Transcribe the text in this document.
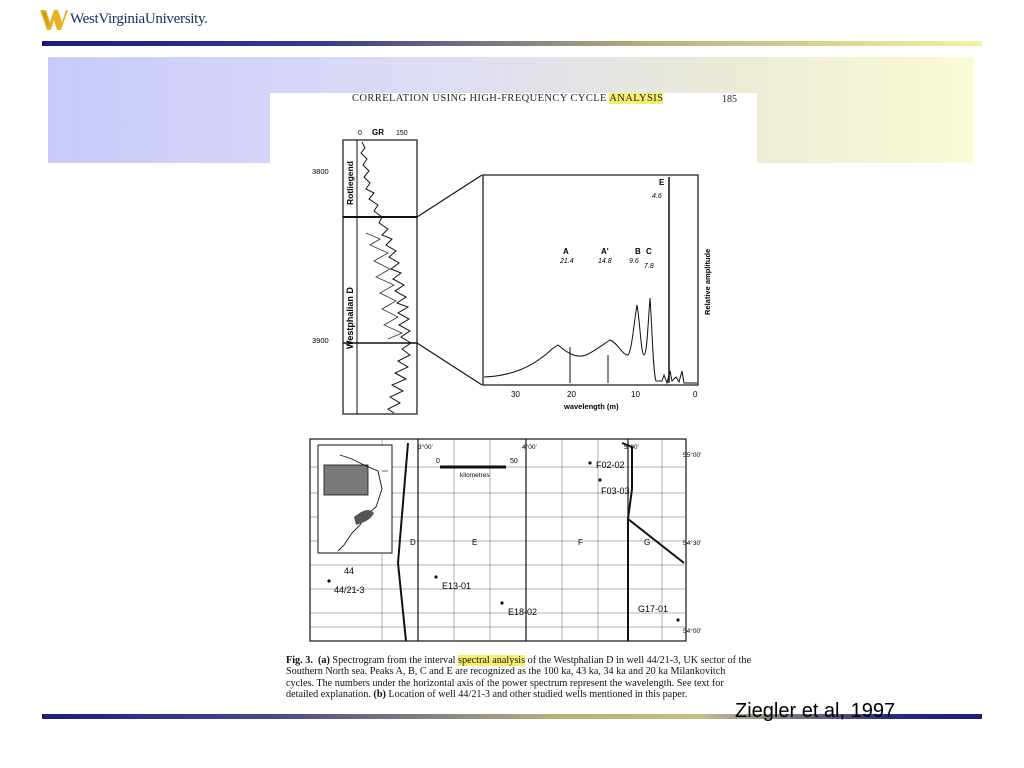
WestVirginiaUniversity.
CORRELATION USING HIGH-FREQUENCY CYCLE ANALYSIS	185
0 GR 150
3800
3900
Rotliegend
Westphalian D
A
21.4
A'
14.8
B
9.6
C
7.8
E
4.6
30	20	10	0
wavelength (m)
Relative amplitude
3°00'	4°00'	5°00'
55°00'
54°30'
54°00'
0	50
kilometres
D	E	F	G
F02-02
F03-03
E13-01
E18-02	G17-01
44
44/21-3
Fig. 3. (a) Spectrogram from the interval spectral analysis of the Westphalian D in well 44/21-3, UK sector of the Southern North sea. Peaks A, B, C and E are recognized as the 100 ka, 43 ka, 34 ka and 20 ka Milankovitch cycles. The numbers under the horizontal axis of the power spectrum represent the wavelength. See text for detailed explanation. (b) Location of well 44/21-3 and other studied wells mentioned in this paper.
Ziegler et al, 1997
